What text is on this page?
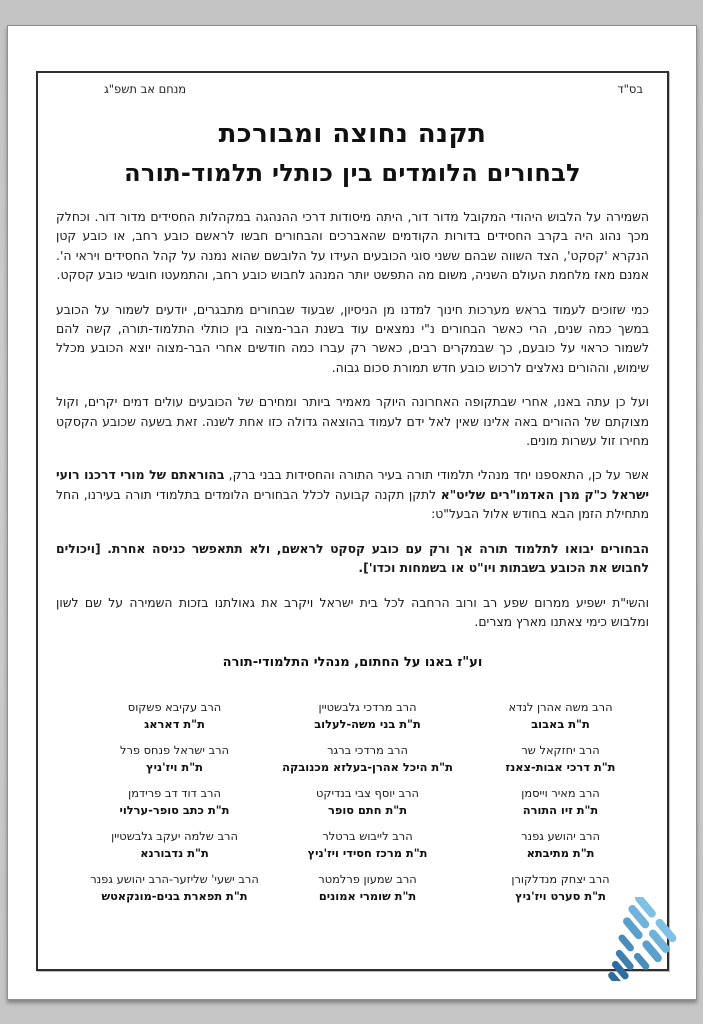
בס"ד
מנחם אב תשפ"ג
תקנה נחוצה ומבורכת
לבחורים הלומדים בין כותלי תלמוד-תורה

השמירה על הלבוש היהודי המקובל מדור דור, היתה מיסודות דרכי ההנהגה במקהלות החסידים מדור דור. וכחלק מכך נהוג היה בקרב החסידים בדורות הקודמים שהאברכים והבחורים חבשו לראשם כובע רחב, או כובע קטן הנקרא 'קסקט', הצד השווה שבהם ששני סוגי הכובעים העידו על הלובשם שהוא נמנה על קהל החסידים ויראי ה'. אמנם מאז מלחמת העולם השניה, משום מה התפשט יותר המנהג לחבוש כובע רחב, והתמעטו חובשי כובע קסקט.

כמי שזוכים לעמוד בראש מערכות חינוך למדנו מן הניסיון, שבעוד שבחורים מתבגרים, יודעים לשמור על הכובע במשך כמה שנים, הרי כאשר הבחורים נ"י נמצאים עוד בשנת הבר-מצוה בין כותלי התלמוד-תורה, קשה להם לשמור כראוי על כובעם, כך שבמקרים רבים, כאשר רק עברו כמה חודשים אחרי הבר-מצוה יוצא הכובע מכלל שימוש, וההורים נאלצים לרכוש כובע חדש תמורת סכום גבוה.

ועל כן עתה באנו, אחרי שבתקופה האחרונה היוקר מאמיר ביותר ומחירם של הכובעים עולים דמים יקרים, וקול מצוקתם של ההורים באה אלינו שאין לאל ידם לעמוד בהוצאה גדולה כזו אחת לשנה. זאת בשעה שכובע הקסקט מחירו זול עשרות מונים.

אשר על כן, התאספנו יחד מנהלי תלמודי תורה בעיר התורה והחסידות בבני ברק, בהוראתם של מורי דרכנו רועי ישראל כ"ק מרן האדמו"רים שליט"א לתקן תקנה קבועה לכלל הבחורים הלומדים בתלמודי תורה בעירנו, החל מתחילת הזמן הבא בחודש אלול הבעל"ט:

הבחורים יבואו לתלמוד תורה אך ורק עם כובע קסקט לראשם, ולא תתאפשר כניסה אחרת. [ויכולים לחבוש את הכובע בשבתות ויו"ט או בשמחות וכדו'].

והשי"ת ישפיע ממרום שפע רב ורוב הרחבה לכל בית ישראל ויקרב את גאולתנו בזכות השמירה על שם לשון ומלבוש כימי צאתנו מארץ מצרים.

וע"ז באנו על החתום, מנהלי התלמודי-תורה
הרב משה אהרן לנדא
ת"ת באבוב
הרב יחזקאל שר
ת"ת דרכי אבות-צאנז
הרב מאיר וייסמן
ת"ת זיו התורה
הרב יהושע גפנר
ת"ת מתיבתא
הרב יצחק מנדלקורן
ת"ת סערט ויז'ניץ
הרב מרדכי גלבשטיין
ת"ת בני משה-לעלוב
הרב מרדכי ברגר
ת"ת היכל אהרן-בעלזא מכנובקה
הרב יוסף צבי בנדיקט
ת"ת חתם סופר
הרב לייבוש ברטלר
ת"ת מרכז חסידי ויז'ניץ
הרב שמעון פרלמטר
ת"ת שומרי אמונים
הרב עקיבא פשקוס
ת"ת דאראג
הרב ישראל פנחס פרל
ת"ת ויז'ניץ
הרב דוד דב פרידמן
ת"ת כתב סופר-ערלוי
הרב שלמה יעקב גלבשטיין
ת"ת נדבורנא
הרב ישעי' שליזער-הרב יהושע גפנר
ת"ת תפארת בנים-מונקאטש
